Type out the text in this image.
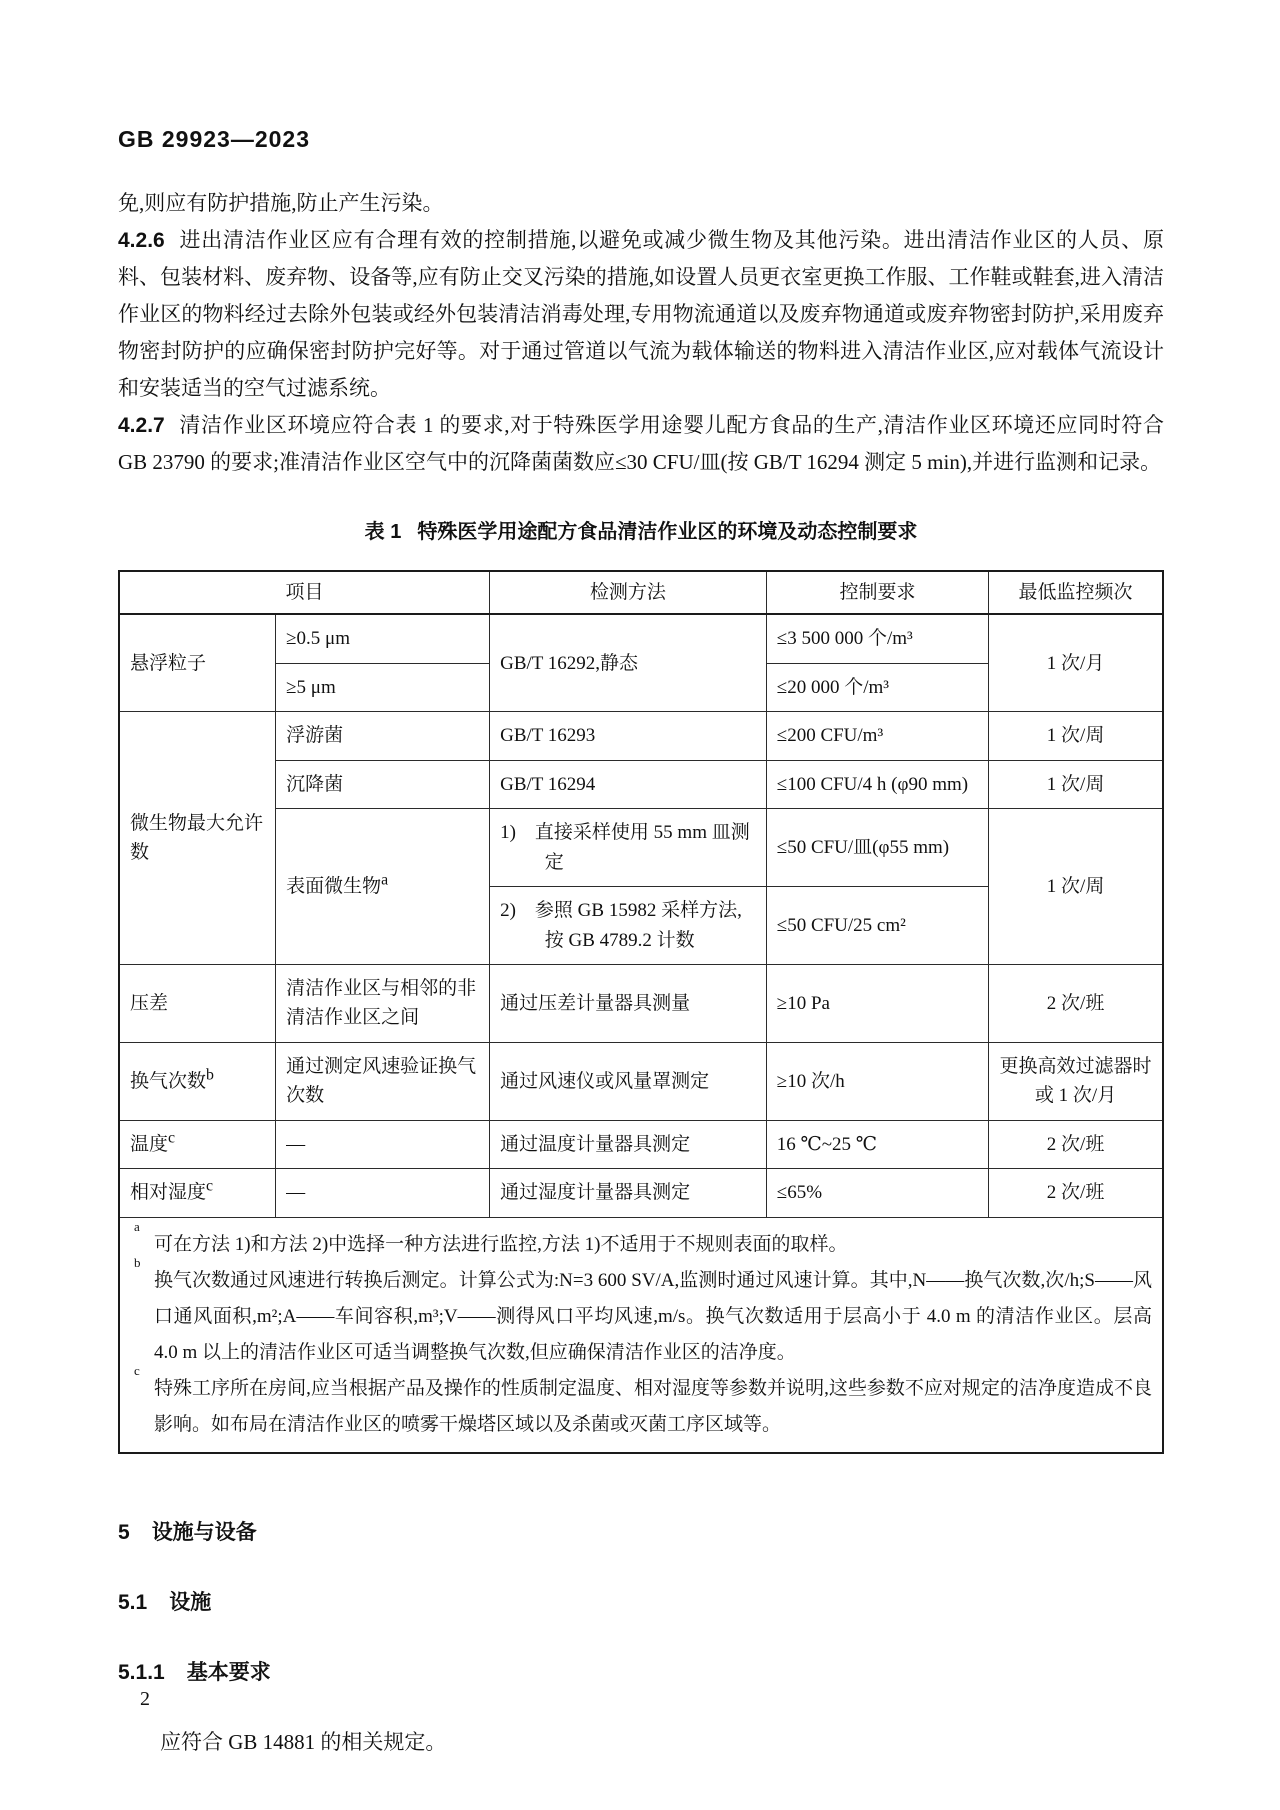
GB 29923—2023

免,则应有防护措施,防止产生污染。

4.2.6 进出清洁作业区应有合理有效的控制措施,以避免或减少微生物及其他污染。进出清洁作业区的人员、原料、包装材料、废弃物、设备等,应有防止交叉污染的措施,如设置人员更衣室更换工作服、工作鞋或鞋套,进入清洁作业区的物料经过去除外包装或经外包装清洁消毒处理,专用物流通道以及废弃物通道或废弃物密封防护,采用废弃物密封防护的应确保密封防护完好等。对于通过管道以气流为载体输送的物料进入清洁作业区,应对载体气流设计和安装适当的空气过滤系统。

4.2.7 清洁作业区环境应符合表 1 的要求,对于特殊医学用途婴儿配方食品的生产,清洁作业区环境还应同时符合 GB 23790 的要求;准清洁作业区空气中的沉降菌菌数应≤30 CFU/皿(按 GB/T 16294 测定 5 min),并进行监测和记录。

表 1 特殊医学用途配方食品清洁作业区的环境及动态控制要求
项目		检测方法	控制要求	最低监控频次
悬浮粒子	≥0.5 μm	GB/T 16292,静态	≤3 500 000 个/m³	1 次/月
	≥5 μm		≤20 000 个/m³	
微生物最大允许数	浮游菌	GB/T 16293	≤200 CFU/m³	1 次/周
	沉降菌	GB/T 16294	≤100 CFU/4 h (φ90 mm)	1 次/周
	表面微生物$^a$	1)　直接采样使用 55 mm 皿测定	≤50 CFU/皿(φ55 mm)	1 次/周

		2)　参照 GB 15982 采样方法,按 GB 4789.2 计数	≤50 CFU/25 cm²	
压差	清洁作业区与相邻的非清洁作业区之间	通过压差计量器具测量	≥10 Pa	2 次/班
换气次数$^b$	通过测定风速验证换气次数	通过风速仪或风量罩测定	≥10 次/h	更换高效过滤器时或 1 次/月
温度$^c$	—	通过温度计量器具测定	16 ℃~25 ℃	2 次/班
相对湿度$^c$	—	通过湿度计量器具测定	≤65%	2 次/班

a
可在方法 1)和方法 2)中选择一种方法进行监控,方法 1)不适用于不规则表面的取样。
b
换气次数通过风速进行转换后测定。计算公式为:N=3 600 SV/A,监测时通过风速计算。其中,N——换气次数,次/h;S——风口通风面积,m²;A——车间容积,m³;V——测得风口平均风速,m/s。换气次数适用于层高小于 4.0 m 的清洁作业区。层高 4.0 m 以上的清洁作业区可适当调整换气次数,但应确保清洁作业区的洁净度。
c
特殊工序所在房间,应当根据产品及操作的性质制定温度、相对湿度等参数并说明,这些参数不应对规定的洁净度造成不良影响。如布局在清洁作业区的喷雾干燥塔区域以及杀菌或灭菌工序区域等。
5 设施与设备
5.1 设施
5.1.1 基本要求

应符合 GB 14881 的相关规定。

2
